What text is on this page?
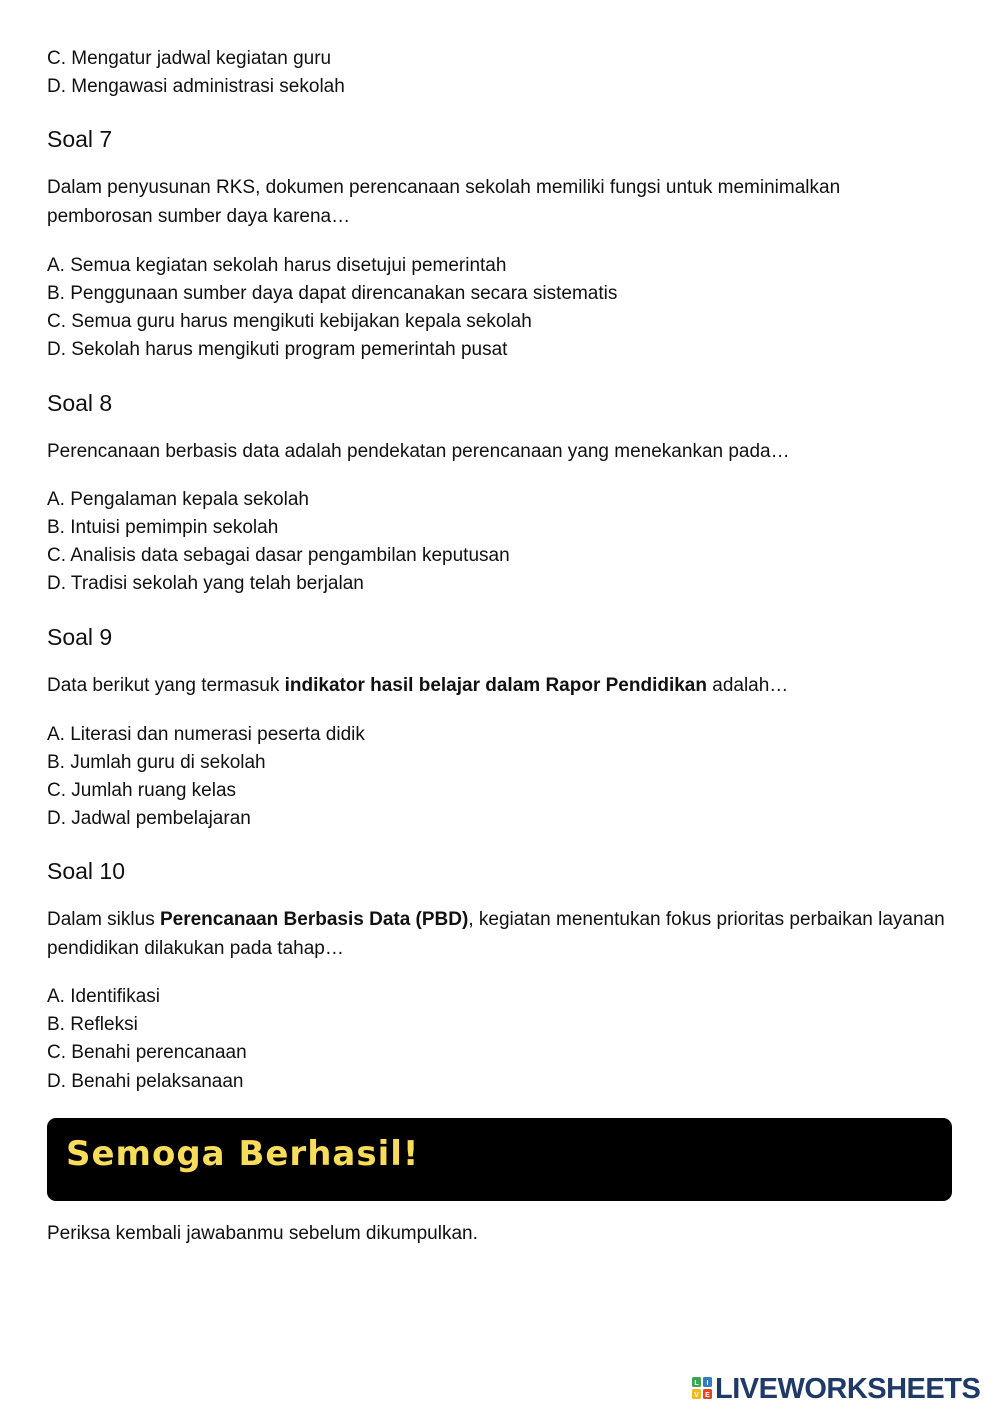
C. Mengatur jadwal kegiatan guru
D. Mengawasi administrasi sekolah
Soal 7
Dalam penyusunan RKS, dokumen perencanaan sekolah memiliki fungsi untuk meminimalkan pemborosan sumber daya karena…
A. Semua kegiatan sekolah harus disetujui pemerintah
B. Penggunaan sumber daya dapat direncanakan secara sistematis
C. Semua guru harus mengikuti kebijakan kepala sekolah
D. Sekolah harus mengikuti program pemerintah pusat
Soal 8
Perencanaan berbasis data adalah pendekatan perencanaan yang menekankan pada…
A. Pengalaman kepala sekolah
B. Intuisi pemimpin sekolah
C. Analisis data sebagai dasar pengambilan keputusan
D. Tradisi sekolah yang telah berjalan
Soal 9
Data berikut yang termasuk indikator hasil belajar dalam Rapor Pendidikan adalah…
A. Literasi dan numerasi peserta didik
B. Jumlah guru di sekolah
C. Jumlah ruang kelas
D. Jadwal pembelajaran
Soal 10
Dalam siklus Perencanaan Berbasis Data (PBD), kegiatan menentukan fokus prioritas perbaikan layanan pendidikan dilakukan pada tahap…
A. Identifikasi
B. Refleksi
C. Benahi perencanaan
D. Benahi pelaksanaan
Semoga Berhasil!
Periksa kembali jawabanmu sebelum dikumpulkan.
L I
V E LIVEWORKSHEETS
